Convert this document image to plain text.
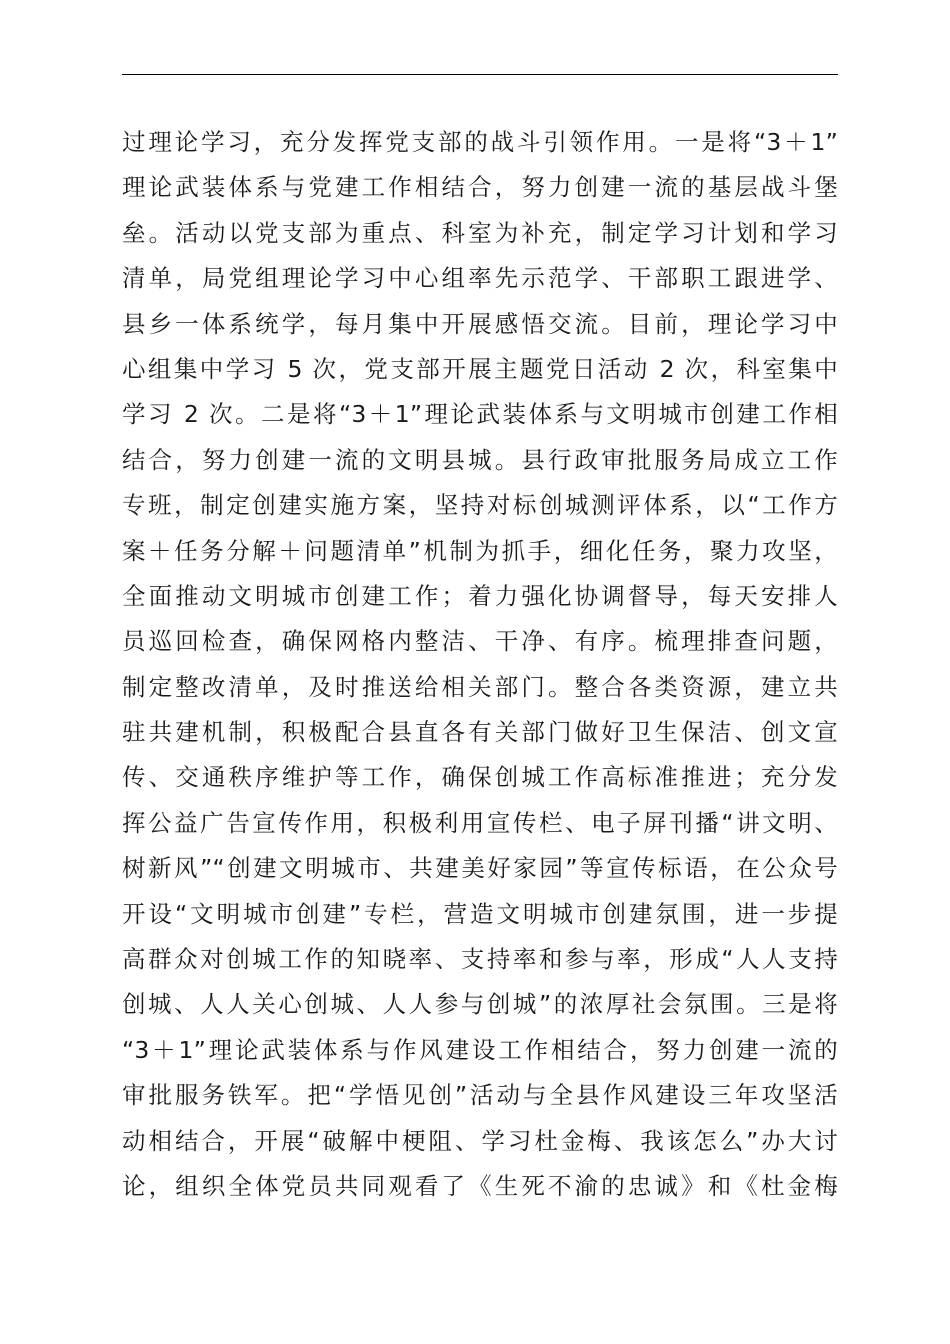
过理论学习，充分发挥党支部的战斗引领作用。一是将“3＋1”
理论武装体系与党建工作相结合，努力创建一流的基层战斗堡
垒。活动以党支部为重点、科室为补充，制定学习计划和学习
清单，局党组理论学习中心组率先示范学、干部职工跟进学、
县乡一体系统学，每月集中开展感悟交流。目前，理论学习中
心组集中学习 5 次，党支部开展主题党日活动 2 次，科室集中
学习 2 次。二是将“3＋1”理论武装体系与文明城市创建工作相
结合，努力创建一流的文明县城。县行政审批服务局成立工作
专班，制定创建实施方案，坚持对标创城测评体系，以“工作方
案＋任务分解＋问题清单”机制为抓手，细化任务，聚力攻坚，
全面推动文明城市创建工作；着力强化协调督导，每天安排人
员巡回检查，确保网格内整洁、干净、有序。梳理排查问题，
制定整改清单，及时推送给相关部门。整合各类资源，建立共
驻共建机制，积极配合县直各有关部门做好卫生保洁、创文宣
传、交通秩序维护等工作，确保创城工作高标准推进；充分发
挥公益广告宣传作用，积极利用宣传栏、电子屏刊播“讲文明、
树新风”“创建文明城市、共建美好家园”等宣传标语，在公众号
开设“文明城市创建”专栏，营造文明城市创建氛围，进一步提
高群众对创城工作的知晓率、支持率和参与率，形成“人人支持
创城、人人关心创城、人人参与创城”的浓厚社会氛围。三是将
“3＋1”理论武装体系与作风建设工作相结合，努力创建一流的
审批服务铁军。把“学悟见创”活动与全县作风建设三年攻坚活
动相结合，开展“破解中梗阻、学习杜金梅、我该怎么”办大讨
论，组织全体党员共同观看了《生死不渝的忠诚》和《杜金梅
